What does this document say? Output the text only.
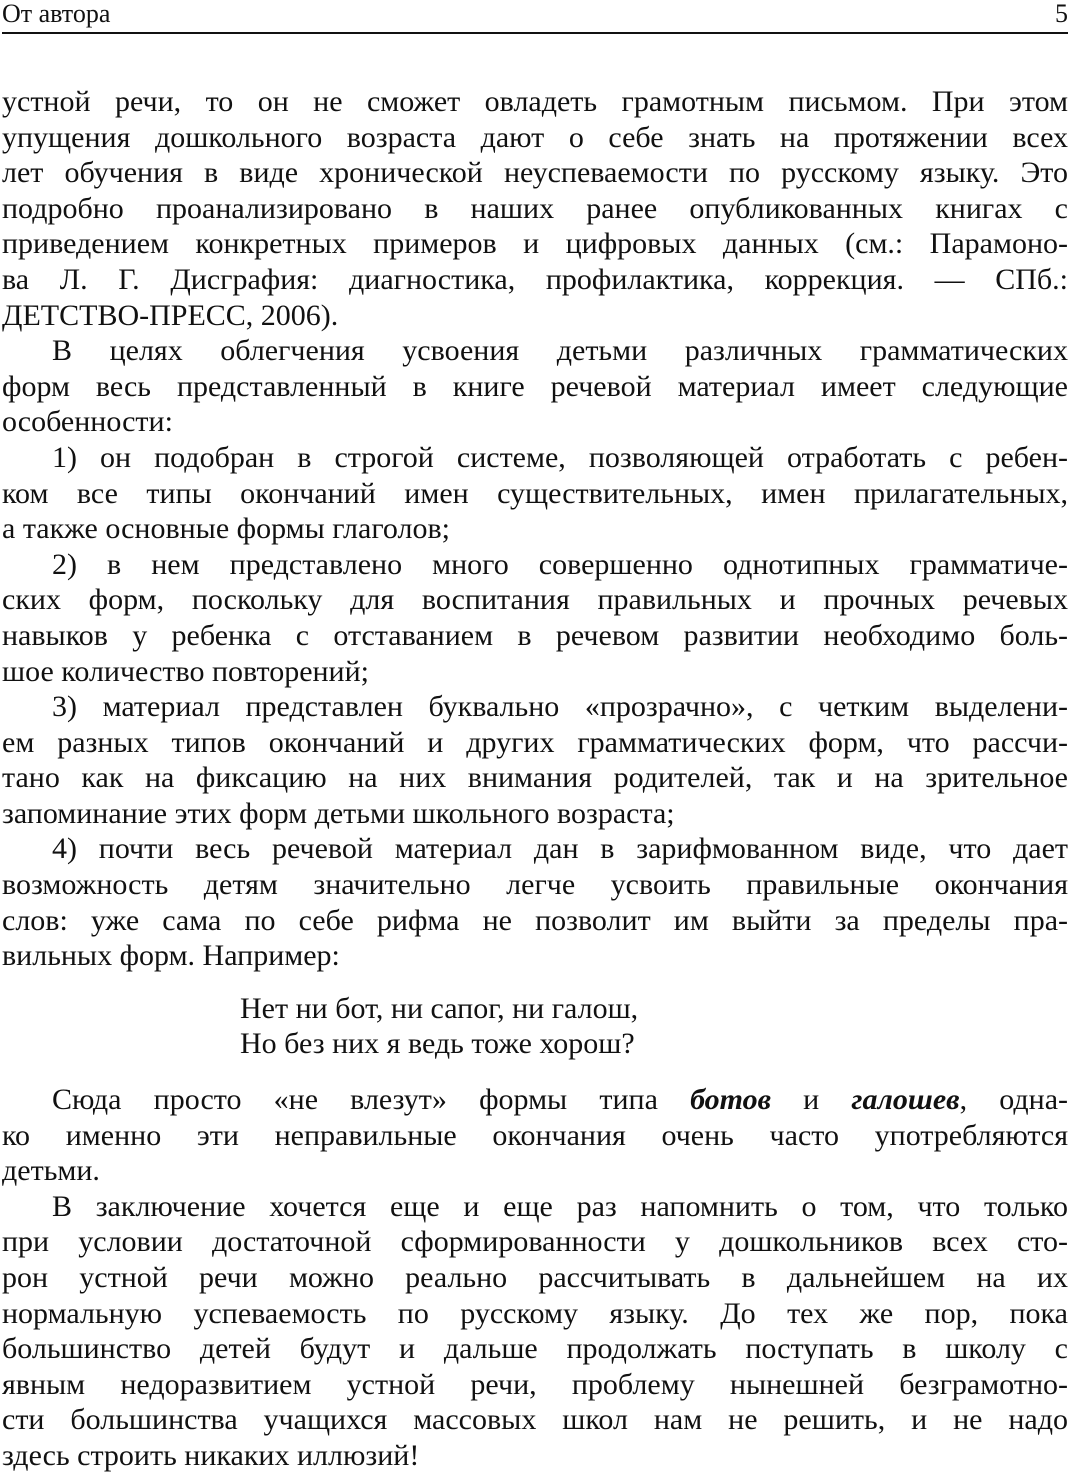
От автора	5
устной речи, то он не сможет овладеть грамотным письмом. При этом
упущения дошкольного возраста дают о себе знать на протяжении всех
лет обучения в виде хронической неуспеваемости по русскому языку. Это
подробно проанализировано в наших ранее опубликованных книгах с
приведением конкретных примеров и цифровых данных (см.: Парамоно-
ва Л. Г. Дисграфия: диагностика, профилактика, коррекция. — СПб.:
ДЕТСТВО-ПРЕСС, 2006).
В целях облегчения усвоения детьми различных грамматических
форм весь представленный в книге речевой материал имеет следующие
особенности:
1) он подобран в строгой системе, позволяющей отработать с ребен-
ком все типы окончаний имен существительных, имен прилагательных,
а также основные формы глаголов;
2) в нем представлено много совершенно однотипных грамматиче-
ских форм, поскольку для воспитания правильных и прочных речевых
навыков у ребенка с отставанием в речевом развитии необходимо боль-
шое количество повторений;
3) материал представлен буквально «прозрачно», с четким выделени-
ем разных типов окончаний и других грамматических форм, что рассчи-
тано как на фиксацию на них внимания родителей, так и на зрительное
запоминание этих форм детьми школьного возраста;
4) почти весь речевой материал дан в зарифмованном виде, что дает
возможность детям значительно легче усвоить правильные окончания
слов: уже сама по себе рифма не позволит им выйти за пределы пра-
вильных форм. Например:
Нет ни бот, ни сапог, ни галош,
Но без них я ведь тоже хорош?
Сюда просто «не влезут» формы типа ботов и галошев, одна-
ко именно эти неправильные окончания очень часто употребляются
детьми.
В заключение хочется еще и еще раз напомнить о том, что только
при условии достаточной сформированности у дошкольников всех сто-
рон устной речи можно реально рассчитывать в дальнейшем на их
нормальную успеваемость по русскому языку. До тех же пор, пока
большинство детей будут и дальше продолжать поступать в школу с
явным недоразвитием устной речи, проблему нынешней безграмотно-
сти большинства учащихся массовых школ нам не решить, и не надо
здесь строить никаких иллюзий!
